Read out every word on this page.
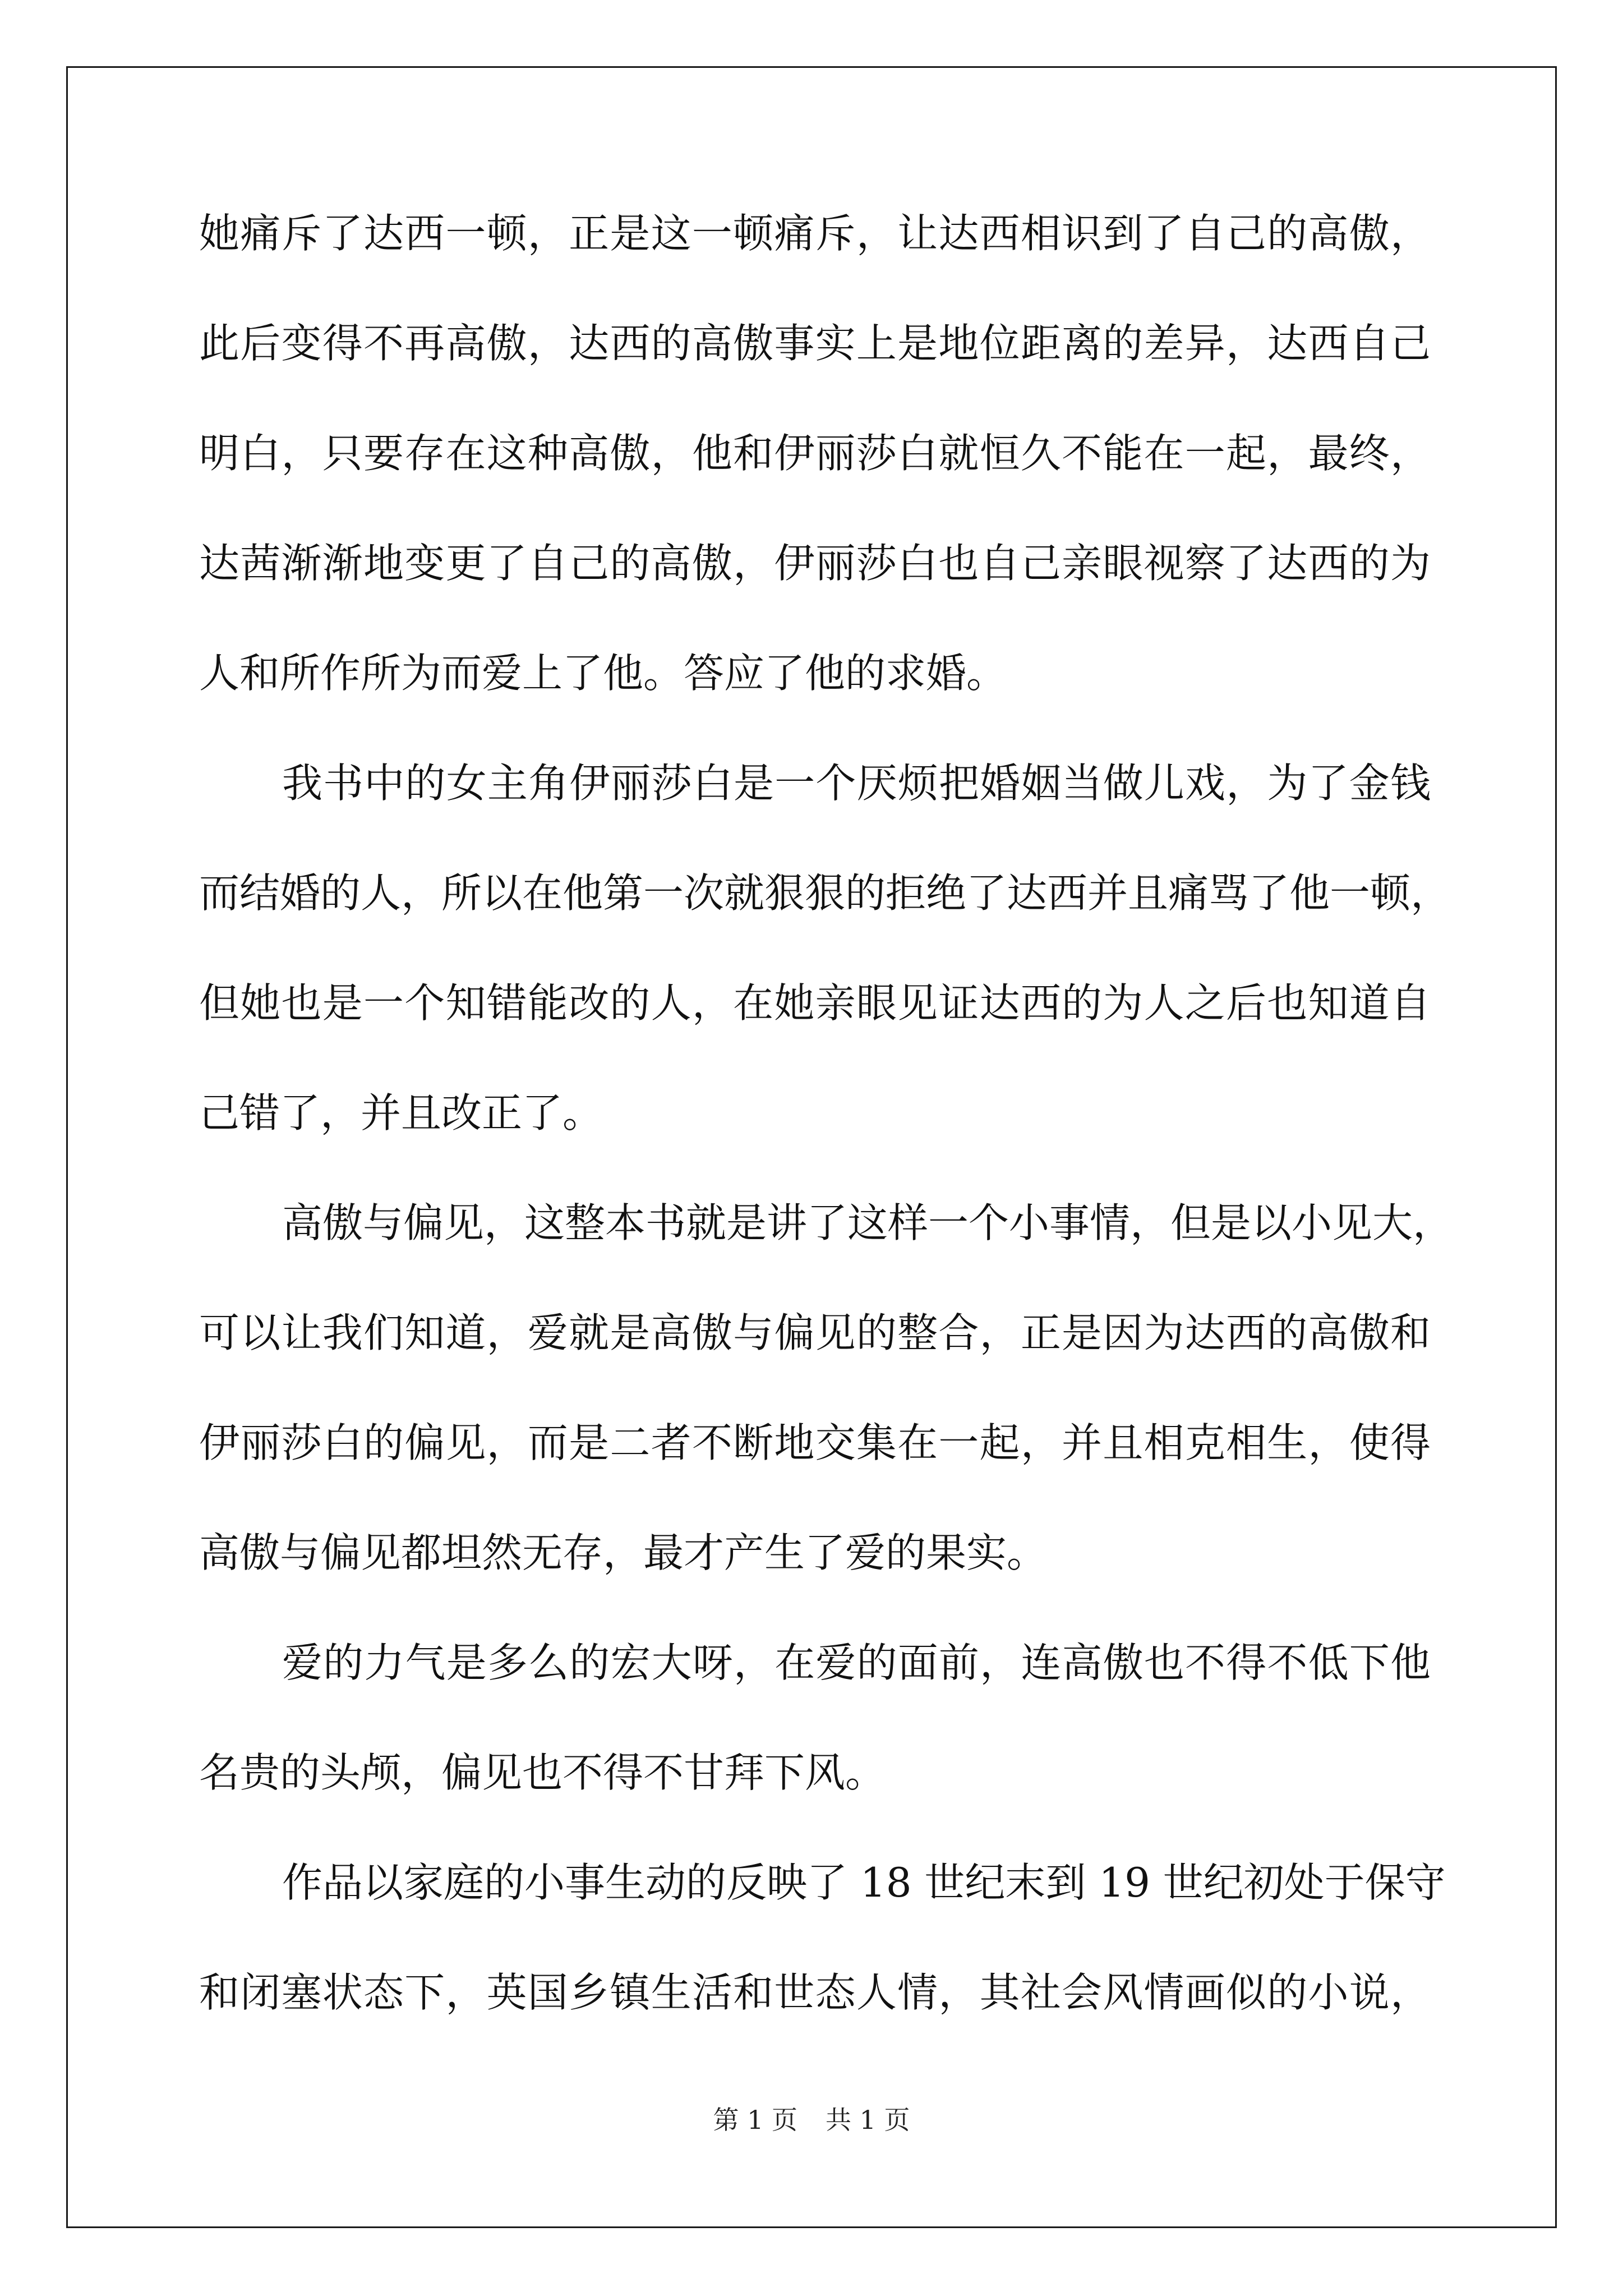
她痛斥了达西一顿，正是这一顿痛斥，让达西相识到了自己的高傲，
此后变得不再高傲，达西的高傲事实上是地位距离的差异，达西自己
明白，只要存在这种高傲，他和伊丽莎白就恒久不能在一起，最终，
达茜渐渐地变更了自己的高傲，伊丽莎白也自己亲眼视察了达西的为
人和所作所为而爱上了他。答应了他的求婚。
我书中的女主角伊丽莎白是一个厌烦把婚姻当做儿戏，为了金钱
而结婚的人，所以在他第一次就狠狠的拒绝了达西并且痛骂了他一顿，
但她也是一个知错能改的人，在她亲眼见证达西的为人之后也知道自
己错了，并且改正了。
高傲与偏见，这整本书就是讲了这样一个小事情，但是以小见大，
可以让我们知道，爱就是高傲与偏见的整合，正是因为达西的高傲和
伊丽莎白的偏见，而是二者不断地交集在一起，并且相克相生，使得
高傲与偏见都坦然无存，最才产生了爱的果实。
爱的力气是多么的宏大呀，在爱的面前，连高傲也不得不低下他
名贵的头颅，偏见也不得不甘拜下风。
作品以家庭的小事生动的反映了 18 世纪末到 19 世纪初处于保守
和闭塞状态下，英国乡镇生活和世态人情，其社会风情画似的小说，
第 1 页 共 1 页
